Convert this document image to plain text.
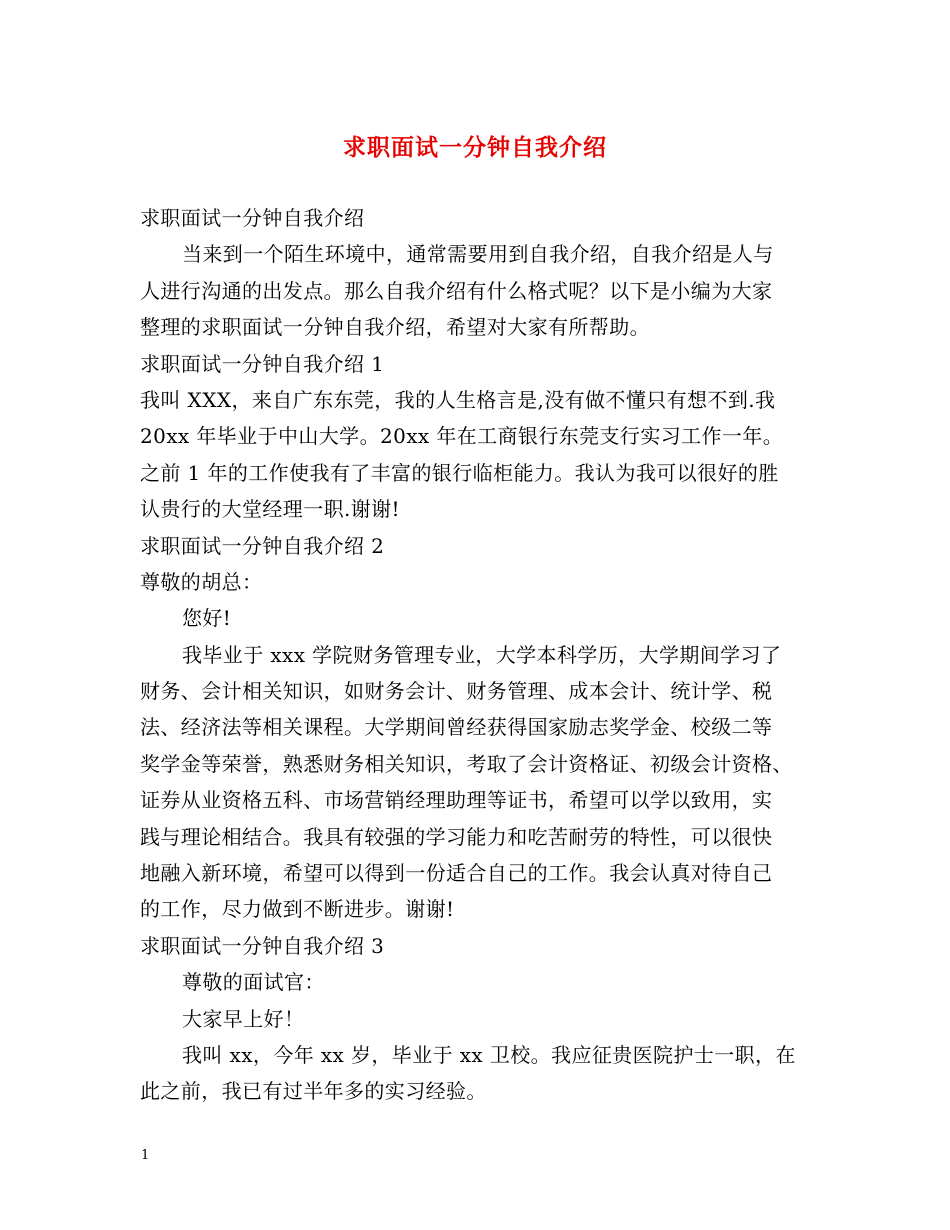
求职面试一分钟自我介绍
求职面试一分钟自我介绍
当来到一个陌生环境中，通常需要用到自我介绍，自我介绍是人与
人进行沟通的出发点。那么自我介绍有什么格式呢？以下是小编为大家
整理的求职面试一分钟自我介绍，希望对大家有所帮助。
求职面试一分钟自我介绍 1
我叫 XXX，来自广东东莞，我的人生格言是,没有做不懂只有想不到.我
20xx 年毕业于中山大学。20xx 年在工商银行东莞支行实习工作一年。
之前 1 年的工作使我有了丰富的银行临柜能力。我认为我可以很好的胜
认贵行的大堂经理一职.谢谢!
求职面试一分钟自我介绍 2
尊敬的胡总：
您好!
我毕业于 xxx 学院财务管理专业，大学本科学历，大学期间学习了
财务、会计相关知识，如财务会计、财务管理、成本会计、统计学、税
法、经济法等相关课程。大学期间曾经获得国家励志奖学金、校级二等
奖学金等荣誉，熟悉财务相关知识，考取了会计资格证、初级会计资格、
证券从业资格五科、市场营销经理助理等证书，希望可以学以致用，实
践与理论相结合。我具有较强的学习能力和吃苦耐劳的特性，可以很快
地融入新环境，希望可以得到一份适合自己的工作。我会认真对待自己
的工作，尽力做到不断进步。谢谢!
求职面试一分钟自我介绍 3
尊敬的面试官：
大家早上好！
我叫 xx，今年 xx 岁，毕业于 xx 卫校。我应征贵医院护士一职，在
此之前，我已有过半年多的实习经验。
1
